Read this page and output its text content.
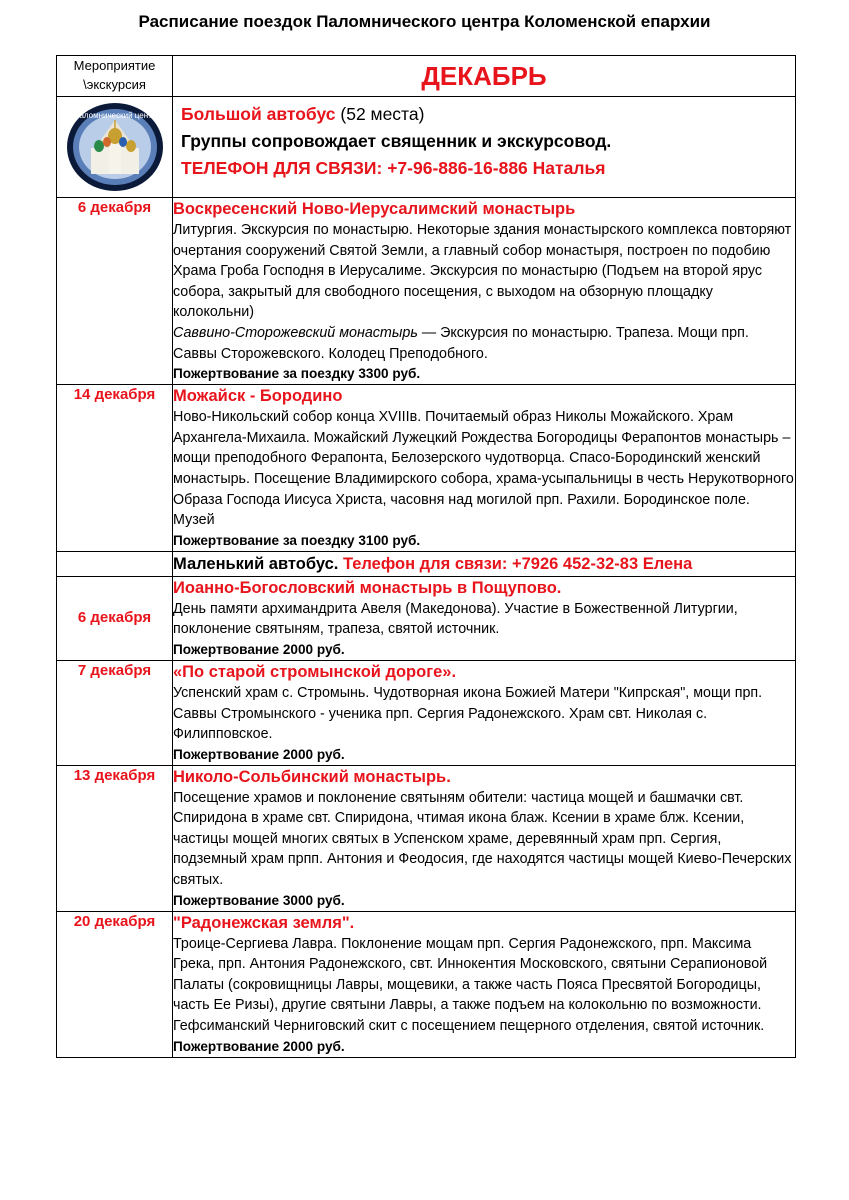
Расписание поездок Паломнического центра Коломенской епархии
Мероприятие \экскурсия	ДЕКАБРЬ

Паломнический центр	Большой автобус (52 места)
Группы сопровождает священник и экскурсовод.
ТЕЛЕФОН ДЛЯ СВЯЗИ: +7-96-886-16-886 Наталья

6 декабря	Воскресенский Ново-Иерусалимский монастырь

Литургия. Экскурсия по монастырю. Некоторые здания монастырского комплекса повторяют очертания сооружений Святой Земли, а главный собор монастыря, построен по подобию Храма Гроба Господня в Иерусалиме. Экскурсия по монастырю (Подъем на второй ярус собора, закрытый для свободного посещения, с выходом на обзорную площадку колокольни)

Саввино-Сторожевский монастырь — Экскурсия по монастырю. Трапеза. Мощи прп. Саввы Сторожевского. Колодец Преподобного.

Пожертвование за поездку 3300 руб.

14 декабря	Можайск - Бородино

Ново-Никольский собор конца XVIIIв. Почитаемый образ Николы Можайского. Храм Архангела-Михаила. Можайский Лужецкий Рождества Богородицы Ферапонтов монастырь – мощи преподобного Ферапонта, Белозерского чудотворца. Спасо-Бородинский женский монастырь. Посещение Владимирского собора, храма-усыпальницы в честь Нерукотворного Образа Господа Иисуса Христа, часовня над могилой прп. Рахили. Бородинское поле. Музей

Пожертвование за поездку 3100 руб.

	Маленький автобус. Телефон для связи: +7926 452-32-83 Елена
6 декабря	Иоанно-Богословский монастырь в Пощупово.

День памяти архимандрита Авеля (Македонова). Участие в Божественной Литургии, поклонение святыням, трапеза, святой источник.

Пожертвование 2000 руб.

7 декабря	«По старой стромынской дороге».

Успенский храм с. Стромынь. Чудотворная икона Божией Матери "Кипрская", мощи прп. Саввы Стромынского - ученика прп. Сергия Радонежского. Храм свт. Николая с. Филипповское.

Пожертвование 2000 руб.

13 декабря	Николо-Сольбинский монастырь.

Посещение храмов и поклонение святыням обители: частица мощей и башмачки свт. Спиридона в храме свт. Спиридона, чтимая икона блаж. Ксении в храме блж. Ксении, частицы мощей многих святых в Успенском храме, деревянный храм прп. Сергия, подземный храм прпп. Антония и Феодосия, где находятся частицы мощей Киево-Печерских святых.

Пожертвование 3000 руб.

20 декабря	"Радонежская земля".

Троице-Сергиева Лавра. Поклонение мощам прп. Сергия Радонежского, прп. Максима Грека, прп. Антония Радонежского, свт. Иннокентия Московского, святыни Серапионовой Палаты (сокровищницы Лавры, мощевики, а также часть Пояса Пресвятой Богородицы, часть Ее Ризы), другие святыни Лавры, а также подъем на колокольню по возможности. Гефсиманский Черниговский скит с посещением пещерного отделения, святой источник.

Пожертвование 2000 руб.
